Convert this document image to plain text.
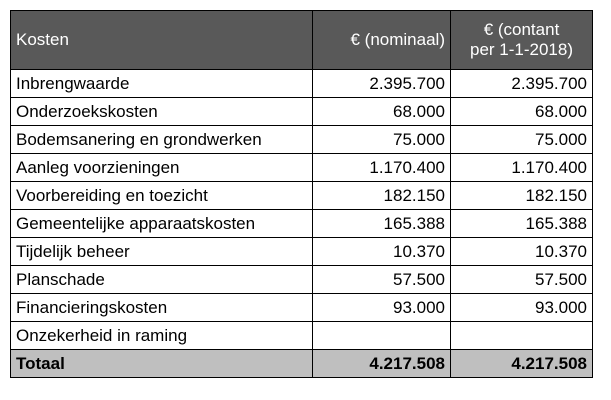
Kosten	€ (nominaal)	€ (contant
per 1-1-2018)

Inbrengwaarde	2.395.700	2.395.700
Onderzoekskosten	68.000	68.000
Bodemsanering en grondwerken	75.000	75.000
Aanleg voorzieningen	1.170.400	1.170.400
Voorbereiding en toezicht	182.150	182.150
Gemeentelijke apparaatskosten	165.388	165.388
Tijdelijk beheer	10.370	10.370
Planschade	57.500	57.500
Financieringskosten	93.000	93.000
Onzekerheid in raming		
Totaal	4.217.508	4.217.508
